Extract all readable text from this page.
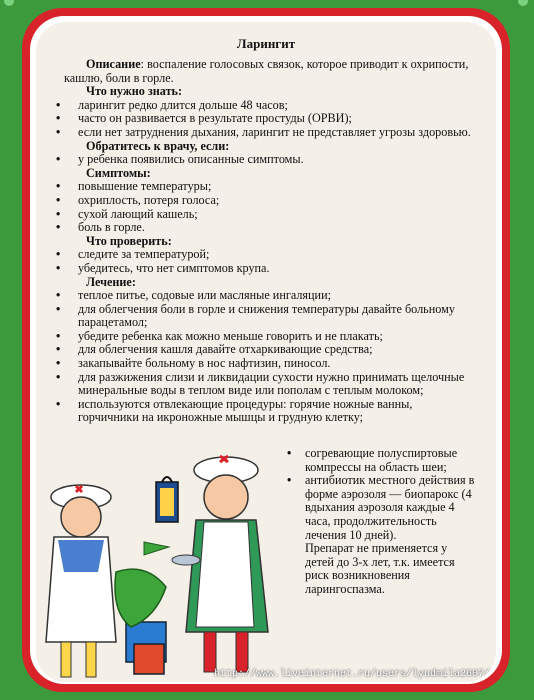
Ларингит

Описание: воспаление голосовых связок, которое приводит к охрипости, кашлю, боли в горле.

Что нужно знать:

• ларингит редко длится дольше 48 часов;

• часто он развивается в результате простуды (ОРВИ);

• если нет затруднения дыхания, ларингит не представляет угрозы здоровью.

Обратитесь к врачу, если:

• у ребенка появились описанные симптомы.

Симптомы:

• повышение температуры;

• охриплость, потеря голоса;

• сухой лающий кашель;

• боль в горле.

Что проверить:

• следите за температурой;

• убедитесь, что нет симптомов крупа.

Лечение:

• теплое питье, содовые или масляные ингаляции;

• для облегчения боли в горле и снижения температуры давайте больному парацетамол;

• убедите ребенка как можно меньше говорить и не плакать;

• для облегчения кашля давайте отхаркивающие средства;

• закапывайте больному в нос нафтизин, пиносол.

• для разжижения слизи и ликвидации сухости нужно принимать щелочные минеральные воды в теплом виде или пополам с теплым молоком;

• используются отвлекающие процедуры: горячие ножные ванны, горчичники на икроножные мышцы и грудную клетку;

• согревающие полуспиртовые компрессы на область шеи;

• антибиотик местного действия в форме аэрозоля — биопарокс (4 вдыхания аэрозоля каждые 4 часа, продолжительность лечения 10 дней).

Препарат не применяется у детей до 3-х лет, т.к. имеется риск возникновения ларингоспазма.

http://www.liveinternet.ru/users/lyudmila2607/
